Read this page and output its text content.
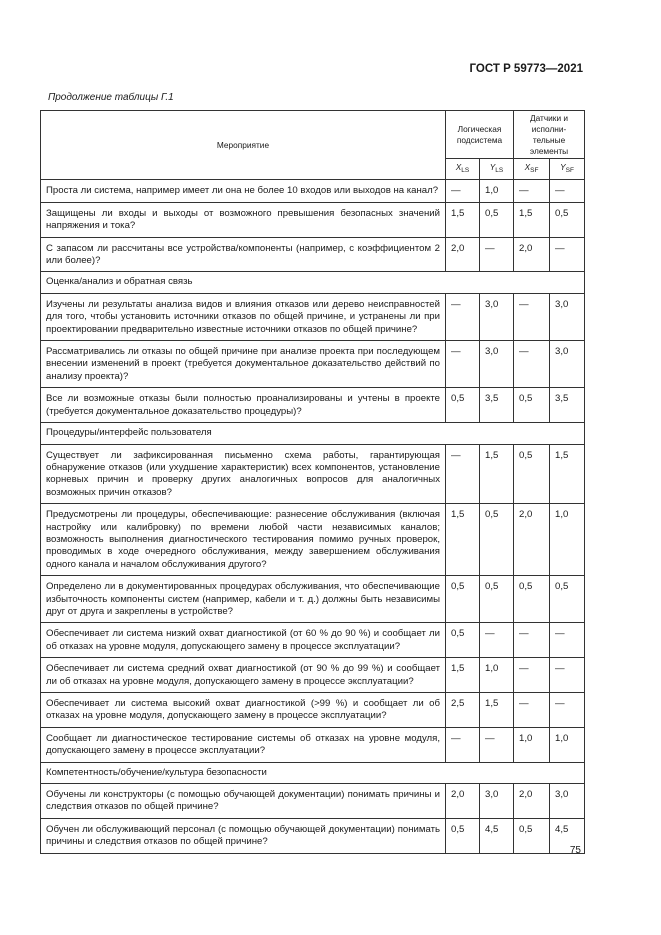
ГОСТ Р 59773—2021
Продолжение таблицы Г.1
Мероприятие	Логическая подсистема		Датчики и исполни-тельные элементы	
	$X_{LS}$	$Y_{LS}$	$X_{SF}$	$Y_{SF}$
Проста ли система, например имеет ли она не более 10 входов или выходов на канал?	—	1,0	—	—
Защищены ли входы и выходы от возможного превышения безопасных значений напряжения и тока?	1,5	0,5	1,5	0,5
С запасом ли рассчитаны все устройства/компоненты (например, с коэффициентом 2 или более)?	2,0	—	2,0	—
Оценка/анализ и обратная связь				
Изучены ли результаты анализа видов и влияния отказов или дерево неисправностей для того, чтобы установить источники отказов по общей причине, и устранены ли при проектировании предварительно известные источники отказов по общей причине?	—	3,0	—	3,0
Рассматривались ли отказы по общей причине при анализе проекта при последующем внесении изменений в проект (требуется документальное доказательство действий по анализу проекта)?	—	3,0	—	3,0
Все ли возможные отказы были полностью проанализированы и учтены в проекте (требуется документальное доказательство процедуры)?	0,5	3,5	0,5	3,5
Процедуры/интерфейс пользователя				
Существует ли зафиксированная письменно схема работы, гарантирующая обнаружение отказов (или ухудшение характеристик) всех компонентов, установление корневых причин и проверку других аналогичных вопросов для аналогичных возможных причин отказов?	—	1,5	0,5	1,5
Предусмотрены ли процедуры, обеспечивающие: разнесение обслуживания (включая настройку или калибровку) по времени любой части независимых каналов; возможность выполнения диагностического тестирования помимо ручных проверок, проводимых в ходе очередного обслуживания, между завершением обслуживания одного канала и началом обслуживания другого?	1,5	0,5	2,0	1,0
Определено ли в документированных процедурах обслуживания, что обеспечивающие избыточность компоненты систем (например, кабели и т. д.) должны быть независимы друг от друга и закреплены в устройстве?	0,5	0,5	0,5	0,5
Обеспечивает ли система низкий охват диагностикой (от 60 % до 90 %) и сообщает ли об отказах на уровне модуля, допускающего замену в процессе эксплуатации?	0,5	—	—	—
Обеспечивает ли система средний охват диагностикой (от 90 % до 99 %) и сообщает ли об отказах на уровне модуля, допускающего замену в процессе эксплуатации?	1,5	1,0	—	—
Обеспечивает ли система высокий охват диагностикой (>99 %) и сообщает ли об отказах на уровне модуля, допускающего замену в процессе эксплуатации?	2,5	1,5	—	—
Сообщает ли диагностическое тестирование системы об отказах на уровне модуля, допускающего замену в процессе эксплуатации?	—	—	1,0	1,0
Компетентность/обучение/культура безопасности				
Обучены ли конструкторы (с помощью обучающей документации) понимать причины и следствия отказов по общей причине?	2,0	3,0	2,0	3,0
Обучен ли обслуживающий персонал (с помощью обучающей документации) понимать причины и следствия отказов по общей причине?	0,5	4,5	0,5	4,5
75
